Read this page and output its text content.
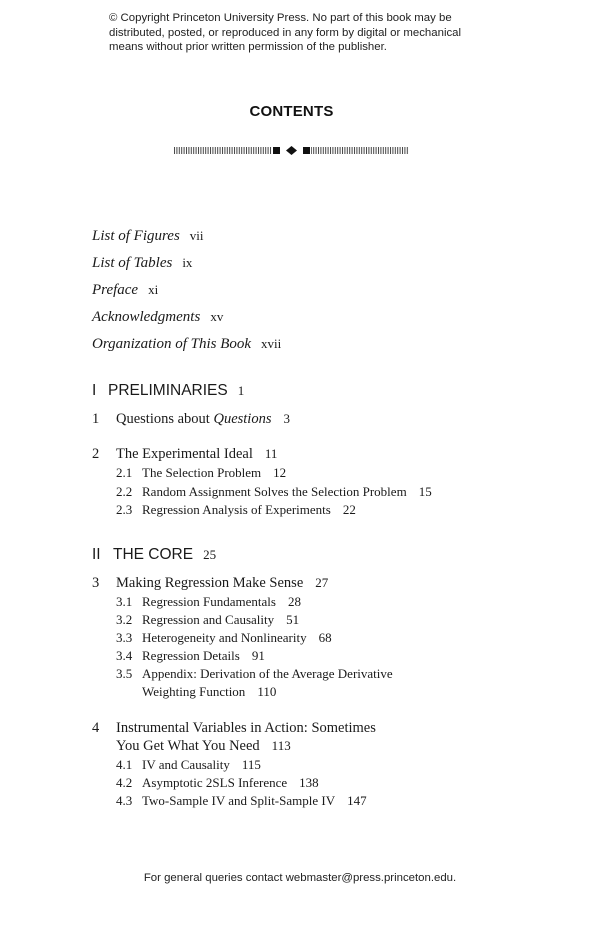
© Copyright Princeton University Press. No part of this book may be

distributed, posted, or reproduced in any form by digital or mechanical

means without prior written permission of the publisher.

CONTENTS
List of Figures vii
List of Tables ix
Preface xi
Acknowledgments xv
Organization of This Book xvii
I PRELIMINARIES 1
1 Questions about Questions 3
2 The Experimental Ideal 11
2.1 The Selection Problem 12
2.2 Random Assignment Solves the Selection Problem 15
2.3 Regression Analysis of Experiments 22
II THE CORE 25
3 Making Regression Make Sense 27
3.1 Regression Fundamentals 28
3.2 Regression and Causality 51
3.3 Heterogeneity and Nonlinearity 68
3.4 Regression Details 91
3.5 Appendix: Derivation of the Average Derivative
Weighting Function 110
4 Instrumental Variables in Action: Sometimes
You Get What You Need 113
4.1 IV and Causality 115
4.2 Asymptotic 2SLS Inference 138
4.3 Two-Sample IV and Split-Sample IV 147
For general queries contact webmaster@press.princeton.edu.
